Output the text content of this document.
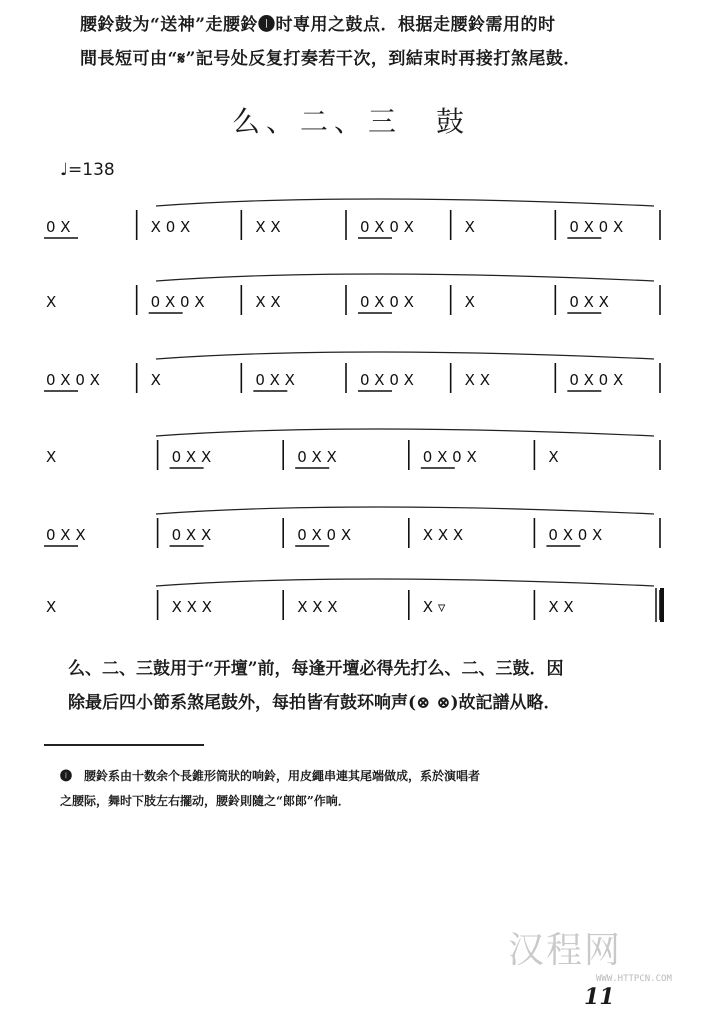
腰鈴鼓为“送神”走腰鈴❶时専用之鼓点．根据走腰鈴需用的时

間長短可由“𝄋”記号处反复打奏若干次，到結束时再接打煞尾鼓．

么、二、三　鼓
♩=138
0 X	X 0 X	X X	0 X 0 X	X	0 X 0 X
X	0 X 0 X	X X	0 X 0 X	X	0 X X
0 X 0 X	X	0 X X	0 X 0 X	X X	0 X 0 X
X	0 X X	0 X X	0 X 0 X	X
0 X X	0 X X	0 X 0 X	X X X	0 X 0 X
X	X X X	X X X	X ▿	X X

么、二、三鼓用于“开壇”前，每逢开壇必得先打么、二、三鼓．因

除最后四小節系煞尾鼓外，每拍皆有鼓环响声(⊗ ⊗)故記譜从略．

❶　 腰鈴系由十数余个長錐形筒狀的响鈴，用皮繩串連其尾端做成，系於演唱者

之腰际，舞时下肢左右擺动，腰鈴則隨之“郎郎”作响．

汉程网
WWW.HTTPCN.COM
11
